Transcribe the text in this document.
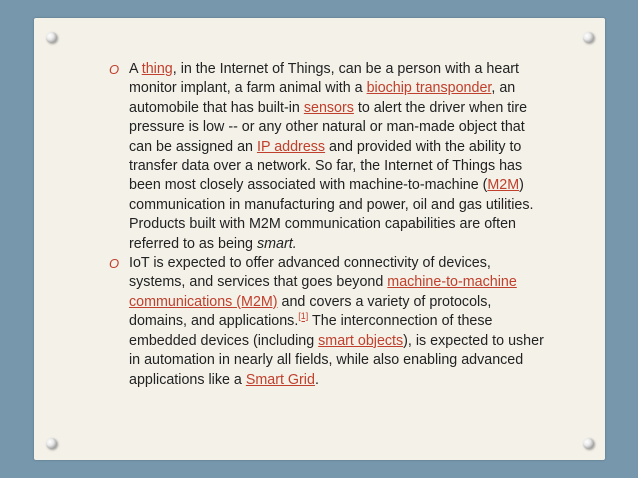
O A thing, in the Internet of Things, can be a person with a heart monitor implant, a farm animal with a biochip transponder, an automobile that has built-in sensors to alert the driver when tire pressure is low -- or any other natural or man-made object that can be assigned an IP address and provided with the ability to transfer data over a network. So far, the Internet of Things has been most closely associated with machine-to-machine (M2M) communication in manufacturing and power, oil and gas utilities. Products built with M2M communication capabilities are often referred to as being smart.
O IoT is expected to offer advanced connectivity of devices, systems, and services that goes beyond machine-to-machine communications (M2M) and covers a variety of protocols, domains, and applications.[1] The interconnection of these embedded devices (including smart objects), is expected to usher in automation in nearly all fields, while also enabling advanced applications like a Smart Grid.
